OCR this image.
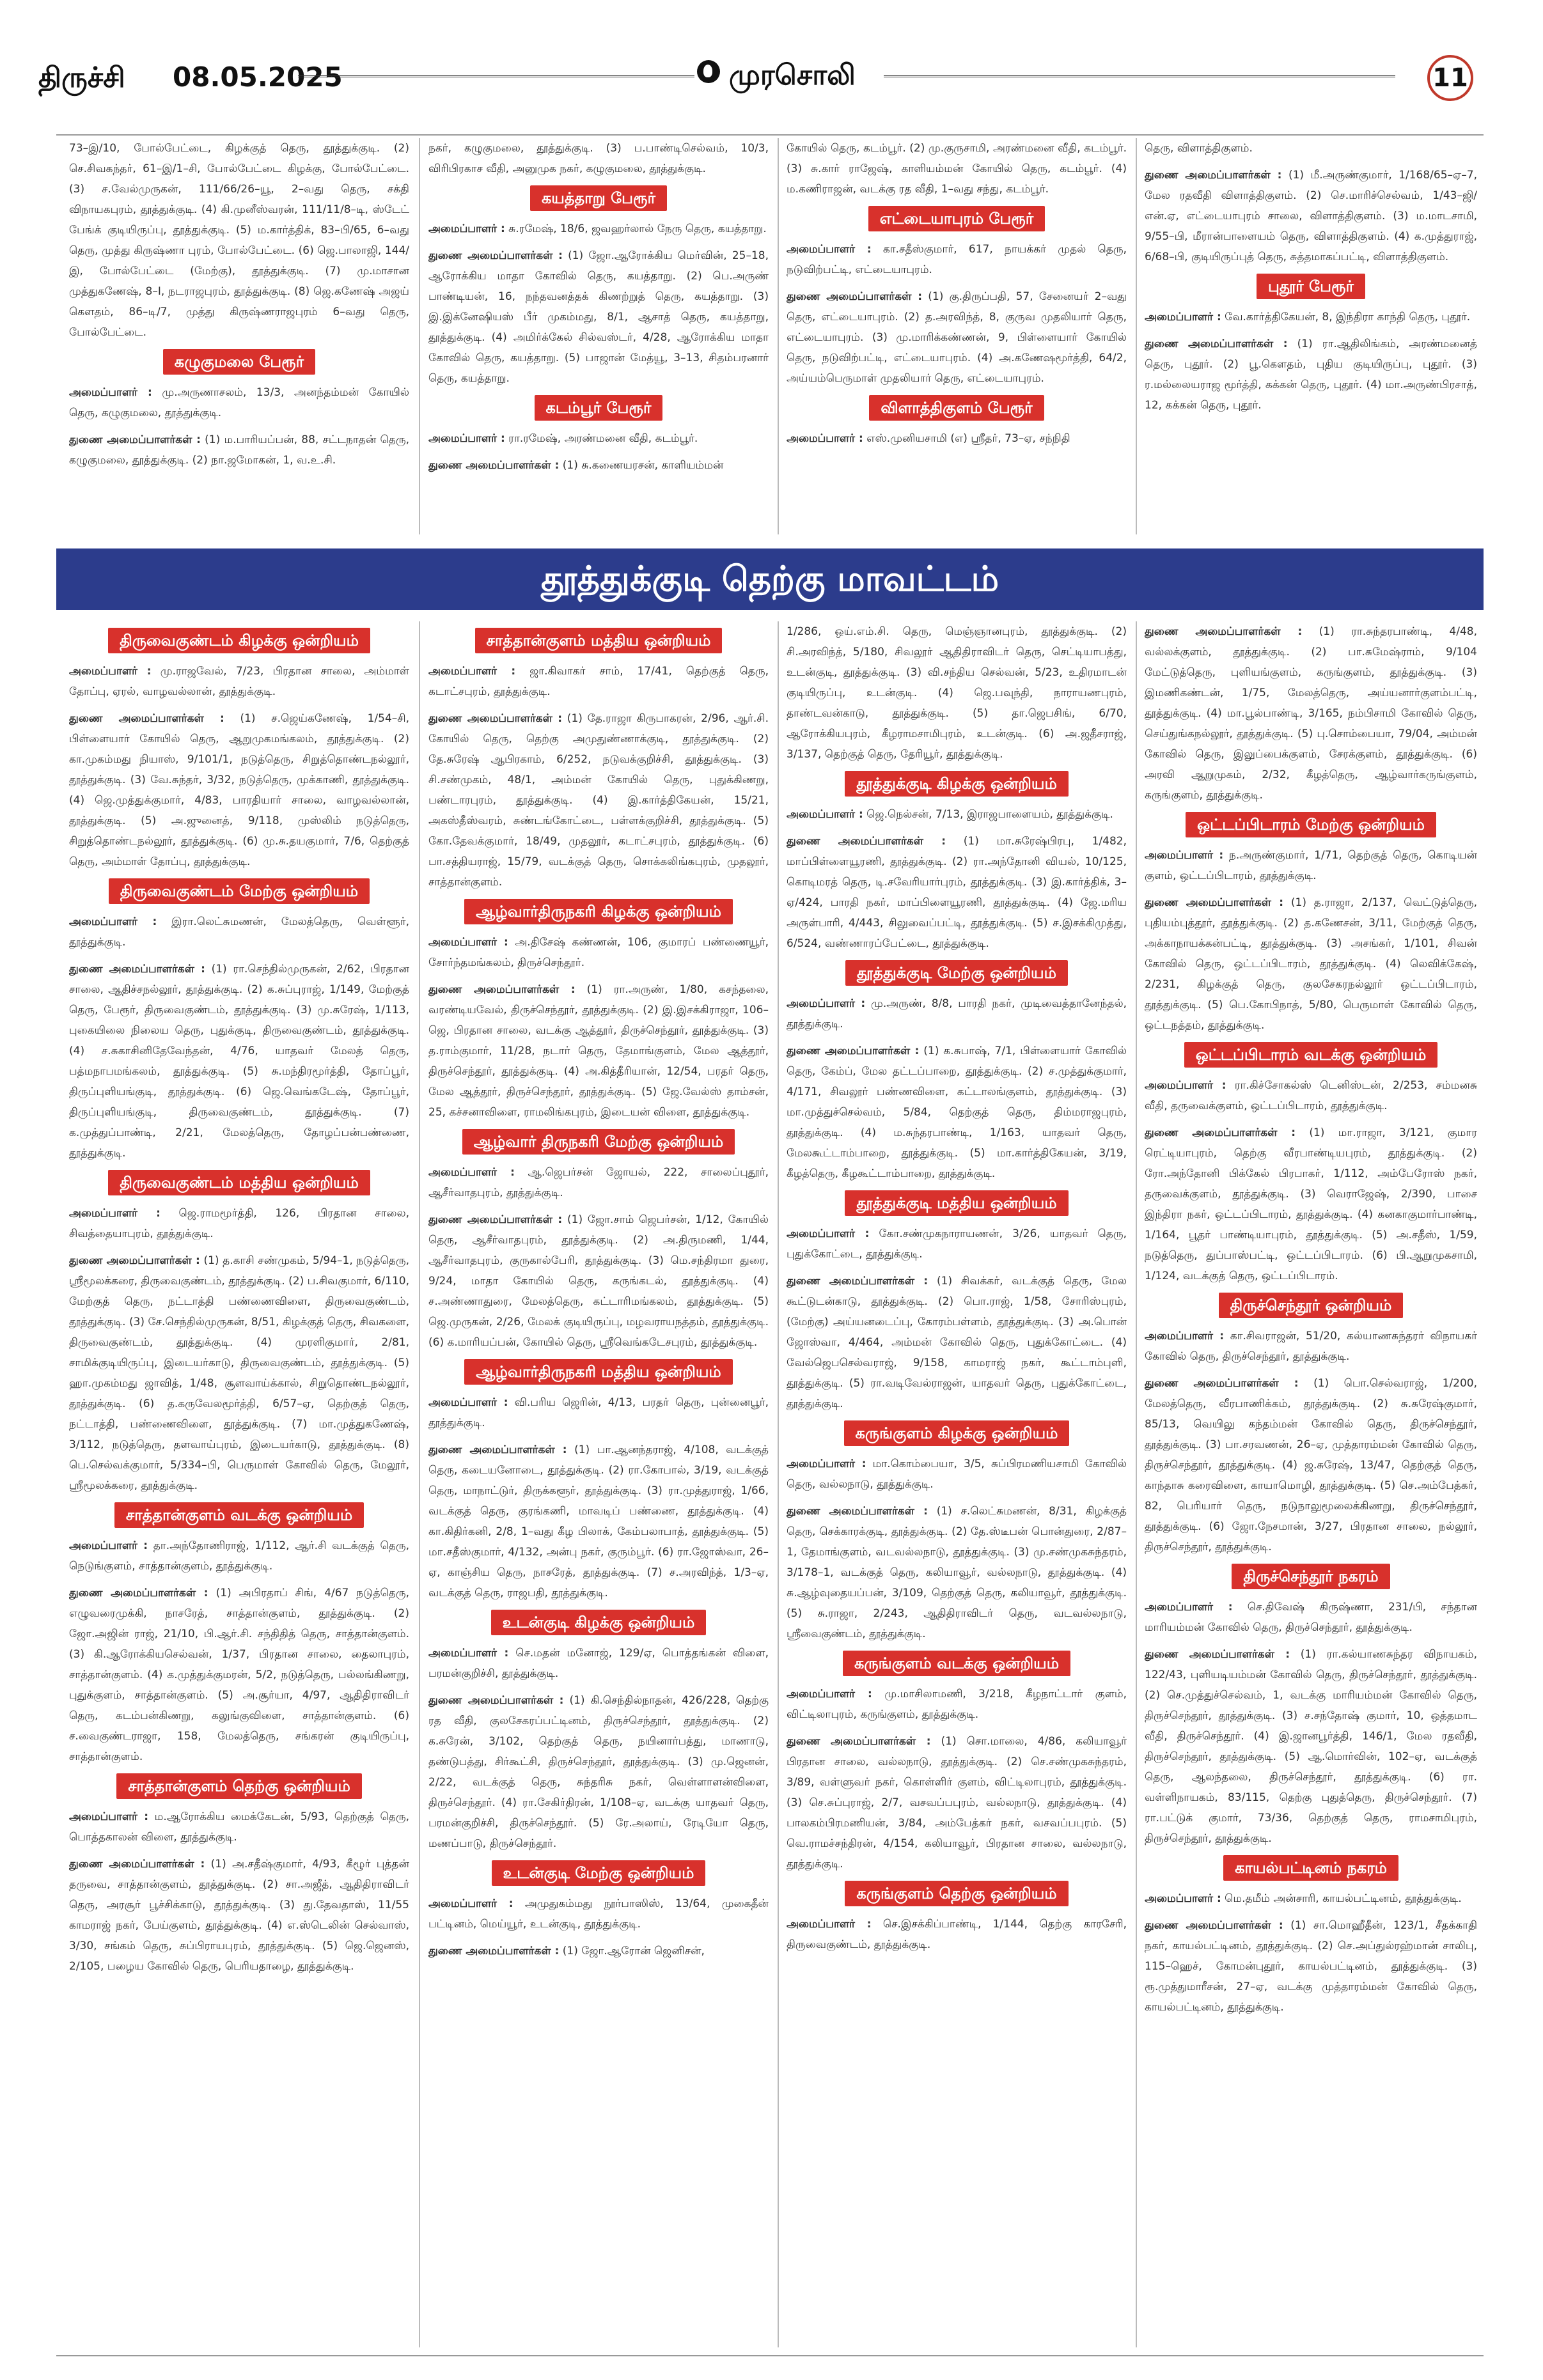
திருச்சி 08.05.2025	முரசொலி	11

73–இ/10, போல்பேட்டை, கிழக்குத் தெரு, தூத்துக்குடி. (2) செ.சிவகந்தர், 61–இ/1–சி, போல்பேட்டை கிழக்கு, போல்பேட்டை. (3) ச.வேல்முருகன், 111/66/26–யூ, 2–வது தெரு, சக்தி விநாயகபுரம், தூத்துக்குடி. (4) கி.முனீஸ்வரன், 111/11/8–டி, ஸ்டேட் பேங்க் குடியிருப்பு, தூத்துக்குடி. (5) ம.கார்த்திக், 83–பி/65, 6–வது தெரு, முத்து கிருஷ்ணா புரம், போல்பேட்டை. (6) ஜெ.பாலாஜி, 144/இ, போல்பேட்டை (மேற்கு), தூத்துக்குடி. (7) மு.மாசான முத்துகணேஷ், 8–I, நடராஜபுரம், தூத்துக்குடி. (8) ஜெ.கணேஷ் அஜய் கௌதம், 86–டி/7, முத்து கிருஷ்ணராஜபுரம் 6–வது தெரு, போல்பேட்டை.

கழுகுமலை பேரூர்

அமைப்பாளர் : மு.அருணாசலம், 13/3, அனந்தம்மன் கோயில் தெரு, கழுகுமலை, தூத்துக்குடி.

துணை அமைப்பாளர்கள் : (1) ம.பாரியப்பன், 88, சட்டநாதன் தெரு, கழுகுமலை, தூத்துக்குடி. (2) நா.ஜமோகன், 1, வ.உ.சி.

நகர், கழுகுமலை, தூத்துக்குடி. (3) ப.பாண்டிசெல்வம், 10/3, விரிபிரகாச வீதி, அனுமுக நகர், கழுகுமலை, தூத்துக்குடி.

கயத்தாறு பேரூர்

அமைப்பாளர் : சு.ரமேஷ், 18/6, ஜவஹர்லால் நேரு தெரு, கயத்தாறு.

துணை அமைப்பாளர்கள் : (1) ஜோ.ஆரோக்கிய மெர்வின், 25–18, ஆரோக்கிய மாதா கோவில் தெரு, கயத்தாறு. (2) பெ.அருண் பாண்டியன், 16, நந்தவனத்தக் கிணற்றுத் தெரு, கயத்தாறு. (3) இ.இக்னேஷியஸ் பீர் முகம்மது, 8/1, ஆசாத் தெரு, கயத்தாறு, தூத்துக்குடி. (4) அமிர்க்கேல் சில்வஸ்டர், 4/28, ஆரோக்கிய மாதா கோவில் தெரு, கயத்தாறு. (5) பாஜான் மேத்யூ, 3–13, சிதம்பரனார் தெரு, கயத்தாறு.

கடம்பூர் பேரூர்

அமைப்பாளர் : ரா.ரமேஷ், அரண்மனை வீதி, கடம்பூர்.

துணை அமைப்பாளர்கள் : (1) சு.கணையரசன், காளியம்மன்

கோயில் தெரு, கடம்பூர். (2) மு.குருசாமி, அரண்மனை வீதி, கடம்பூர். (3) சு.கார் ராஜேஷ், காளியம்மன் கோயில் தெரு, கடம்பூர். (4) ம.கணிராஜன், வடக்கு ரத வீதி, 1–வது சந்து, கடம்பூர்.

எட்டையாபுரம் பேரூர்

அமைப்பாளர் : கா.சதீஸ்குமார், 617, நாயக்கர் முதல் தெரு, நடுவிற்பட்டி, எட்டையாபுரம்.

துணை அமைப்பாளர்கள் : (1) கு.திருப்பதி, 57, சேனையர் 2–வது தெரு, எட்டையாபுரம். (2) த.அரவிந்த், 8, குருவ முதலியார் தெரு, எட்டையாபுரம். (3) மு.மாரிக்கண்ணன், 9, பிள்ளையார் கோயில் தெரு, நடுவிற்பட்டி, எட்டையாபுரம். (4) அ.கணேஷமூர்த்தி, 64/2, அய்யம்பெருமாள் முதலியார் தெரு, எட்டையாபுரம்.

விளாத்திகுளம் பேரூர்

அமைப்பாளர் : எஸ்.முனியசாமி (எ) ஸ்ரீதர், 73–ஏ, சந்நிதி

தெரு, விளாத்திகுளம்.

துணை அமைப்பாளர்கள் : (1) மீ.அருண்குமார், 1/168/65–ஏ–7, மேல ரதவீதி விளாத்திகுளம். (2) செ.மாரிச்செல்வம், 1/43–ஜி/என்.ஏ, எட்டையாபுரம் சாலை, விளாத்திகுளம். (3) ம.மாடசாமி, 9/55–பி, மீரான்பாளையம் தெரு, விளாத்திகுளம். (4) க.முத்துராஜ், 6/68–பி, குடியிருப்புத் தெரு, சுத்தமாகப்பட்டி, விளாத்திகுளம்.

புதூர் பேரூர்

அமைப்பாளர் : வே.கார்த்திகேயன், 8, இந்திரா காந்தி தெரு, புதூர்.

துணை அமைப்பாளர்கள் : (1) ரா.ஆதிலிங்கம், அரண்மனைத் தெரு, புதூர். (2) பூ.கௌதம், புதிய குடியிருப்பு, புதூர். (3) ர.மல்லையராஜ மூர்த்தி, கக்கன் தெரு, புதூர். (4) மா.அருண்பிரசாத், 12, கக்கன் தெரு, புதூர்.

தூத்துக்குடி தெற்கு மாவட்டம்
திருவைகுண்டம் கிழக்கு ஒன்றியம்

அமைப்பாளர் : மு.ராஜவேல், 7/23, பிரதான சாலை, அம்மாள் தோப்பு, ஏரல், வாழவல்லான், தூத்துக்குடி.

துணை அமைப்பாளர்கள் : (1) ச.ஜெய்கணேஷ், 1/54–சி, பிள்ளையார் கோயில் தெரு, ஆறுமுகமங்கலம், தூத்துக்குடி. (2) கா.முகம்மது நியாஸ், 9/101/1, நடுத்தெரு, சிறுத்தொண்டநல்லூர், தூத்துக்குடி. (3) வே.சுந்தர், 3/32, நடுத்தெரு, முக்காணி, தூத்துக்குடி. (4) ஜெ.முத்துக்குமார், 4/83, பாரதியார் சாலை, வாழவல்லான், தூத்துக்குடி. (5) அ.ஜுனைத், 9/118, முஸ்லிம் நடுத்தெரு, சிறுத்தொண்டநல்லூர், தூத்துக்குடி. (6) மு.சு.தயகுமார், 7/6, தெற்குத் தெரு, அம்மாள் தோப்பு, தூத்துக்குடி.

திருவைகுண்டம் மேற்கு ஒன்றியம்

அமைப்பாளர் : இரா.லெட்சுமணன், மேலத்தெரு, வெள்ளூர், தூத்துக்குடி.

துணை அமைப்பாளர்கள் : (1) ரா.செந்தில்முருகன், 2/62, பிரதான சாலை, ஆதிச்சநல்லூர், தூத்துக்குடி. (2) க.சுப்புராஜ், 1/149, மேற்குத் தெரு, பேரூர், திருவைகுண்டம், தூத்துக்குடி. (3) மு.சுரேஷ், 1/113, புகையிலை நிலைய தெரு, புதுக்குடி, திருவைகுண்டம், தூத்துக்குடி. (4) ச.சுகாசினிதேவேந்தன், 4/76, யாதவர் மேலத் தெரு, பத்மநாபமங்கலம், தூத்துக்குடி. (5) சு.மந்திரமூர்த்தி, தோப்பூர், திருப்புளியங்குடி, தூத்துக்குடி. (6) ஜெ.வெங்கடேஷ், தோப்பூர், திருப்புளியங்குடி, திருவைகுண்டம், தூத்துக்குடி. (7) க.முத்துப்பாண்டி, 2/21, மேலத்தெரு, தோழப்பன்பண்ணை, தூத்துக்குடி.

திருவைகுண்டம் மத்திய ஒன்றியம்

அமைப்பாளர் : ஜெ.ராமமூர்த்தி, 126, பிரதான சாலை, சிவத்தையாபுரம், தூத்துக்குடி.

துணை அமைப்பாளர்கள் : (1) த.காசி சண்முகம், 5/94–1, நடுத்தெரு, ஸ்ரீமூலக்கரை, திருவைகுண்டம், தூத்துக்குடி. (2) ப.சிவகுமார், 6/110, மேற்குத் தெரு, நட்டாத்தி பண்ணைவிளை, திருவைகுண்டம், தூத்துக்குடி. (3) சே.செந்தில்முருகன், 8/51, கிழக்குத் தெரு, சிவகளை, திருவைகுண்டம், தூத்துக்குடி. (4) முரளிகுமார், 2/81, சாமிக்குடியிருப்பு, இடையர்காடு, திருவைகுண்டம், தூத்துக்குடி. (5) ஹா.முகம்மது ஜாவித், 1/48, சூளவாய்க்கால், சிறுதொண்டநல்லூர், தூத்துக்குடி. (6) த.கருவேலமூர்த்தி, 6/57–ஏ, தெற்குத் தெரு, நட்டாத்தி, பண்ணைவிளை, தூத்துக்குடி. (7) மா.முத்துகணேஷ், 3/112, நடுத்தெரு, தளவாய்புரம், இடையர்காடு, தூத்துக்குடி. (8) பெ.செல்வக்குமார், 5/334–பி, பெருமாள் கோவில் தெரு, மேலூர், ஸ்ரீமூலக்கரை, தூத்துக்குடி.

சாத்தான்குளம் வடக்கு ஒன்றியம்

அமைப்பாளர் : தா.அந்தோணிராஜ், 1/112, ஆர்.சி வடக்குத் தெரு, நெடுங்குளம், சாத்தான்குளம், தூத்துக்குடி.

துணை அமைப்பாளர்கள் : (1) அபிரதாப் சிங், 4/67 நடுத்தெரு, எழுவரைமுக்கி, நாசரேத், சாத்தான்குளம், தூத்துக்குடி. (2) ஜோ.அஜின் ராஜ், 21/10, பி.ஆர்.சி. சந்திதித் தெரு, சாத்தான்குளம். (3) கி.ஆரோக்கியசெல்வன், 1/37, பிரதான சாலை, தைலாபுரம், சாத்தான்குளம். (4) க.முத்துக்குமரன், 5/2, நடுத்தெரு, பல்லங்கிணறு, புதுக்குளம், சாத்தான்குளம். (5) அ.சூர்யா, 4/97, ஆதிதிராவிடர் தெரு, கடம்பன்கிணறு, கலுங்குவிளை, சாத்தான்குளம். (6) ச.வைகுண்டராஜா, 158, மேலத்தெரு, சங்கரன் குடியிருப்பு, சாத்தான்குளம்.

சாத்தான்குளம் தெற்கு ஒன்றியம்

அமைப்பாளர் : ம.ஆரோக்கிய மைக்கேடன், 5/93, தெற்குத் தெரு, பொத்தகாலன் விளை, தூத்துக்குடி.

துணை அமைப்பாளர்கள் : (1) அ.சதீஷ்குமார், 4/93, கீழூர் புத்தன் தருவை, சாத்தான்குளம், தூத்துக்குடி. (2) சா.அஜீத், ஆதிதிராவிடர் தெரு, அரசூர் பூச்சிக்காடு, தூத்துக்குடி. (3) து.தேவதாஸ், 11/55 காமராஜ் நகர், பேய்குளம், தூத்துக்குடி. (4) எ.ஸ்டெலின் செல்வாஸ், 3/30, சங்கம் தெரு, சுப்பிராயபுரம், தூத்துக்குடி. (5) ஜெ.ஜெனஸ், 2/105, பழைய கோவில் தெரு, பெரியதாழை, தூத்துக்குடி.

சாத்தான்குளம் மத்திய ஒன்றியம்

அமைப்பாளர் : ஜா.கிவாகர் சாம், 17/41, தெற்குத் தெரு, கடாட்சபுரம், தூத்துக்குடி.

துணை அமைப்பாளர்கள் : (1) தே.ராஜா கிருபாகரன், 2/96, ஆர்.சி. கோயில் தெரு, தெற்கு அமுதுண்ணாக்குடி, தூத்துக்குடி. (2) தே.சுரேஷ் ஆபிரகாம், 6/252, நடுவக்குறிச்சி, தூத்துக்குடி. (3) சி.சண்முகம், 48/1, அம்மன் கோயில் தெரு, புதுக்கிணறு, பண்டாரபுரம், தூத்துக்குடி. (4) இ.கார்த்திகேயன், 15/21, அகஸ்தீஸ்வரம், சுண்டங்கோட்டை, பள்ளக்குறிச்சி, தூத்துக்குடி. (5) கோ.தேவக்குமார், 18/49, முதலூர், கடாட்சபுரம், தூத்துக்குடி. (6) பா.சத்தியராஜ், 15/79, வடக்குத் தெரு, சொக்கலிங்கபுரம், முதலூர், சாத்தான்குளம்.

ஆழ்வார்திருநகரி கிழக்கு ஒன்றியம்

அமைப்பாளர் : அ.திசேஷ் கண்ணன், 106, குமாரப் பண்ணையூர், சோர்ந்தமங்கலம், திருச்செந்தூர்.

துணை அமைப்பாளர்கள் : (1) ரா.அருண், 1/80, கசந்தலை, வரண்டியவேல், திருச்செந்தூர், தூத்துக்குடி. (2) இ.இசக்கிராஜா, 106–ஜெ, பிரதான சாலை, வடக்கு ஆத்தூர், திருச்செந்தூர், தூத்துக்குடி. (3) த.ராம்குமார், 11/28, நடார் தெரு, தேமாங்குளம், மேல ஆத்தூர், திருச்செந்தூர், தூத்துக்குடி. (4) அ.கித்தீரியான், 12/54, பரதர் தெரு, மேல ஆத்தூர், திருச்செந்தூர், தூத்துக்குடி. (5) ஜே.வேல்ஸ் தாம்சன், 25, கச்சனாவிளை, ராமலிங்கபுரம், இடையன் விளை, தூத்துக்குடி.

ஆழ்வார் திருநகரி மேற்கு ஒன்றியம்

அமைப்பாளர் : ஆ.ஜெபர்சன் ஜோயல், 222, சாலைப்புதூர், ஆசீர்வாதபுரம், தூத்துக்குடி.

துணை அமைப்பாளர்கள் : (1) ஜோ.சாம் ஜெபர்சன், 1/12, கோயில் தெரு, ஆசீர்வாதபுரம், தூத்துக்குடி. (2) அ.திருமணி, 1/44, ஆசீர்வாதபுரம், குருகால்பேரி, தூத்துக்குடி. (3) மெ.சந்திரமா துரை, 9/24, மாதா கோயில் தெரு, கருங்கடல், தூத்துக்குடி. (4) ச.அண்ணாதுரை, மேலத்தெரு, கட்டாரிமங்கலம், தூத்துக்குடி. (5) ஜெ.முருகன், 2/26, மேலக் குடியிருப்பு, மழவராயநத்தம், தூத்துக்குடி. (6) க.மாரியப்பன், கோயில் தெரு, ஸ்ரீவெங்கடேசபுரம், தூத்துக்குடி.

ஆழ்வார்திருநகரி மத்திய ஒன்றியம்

அமைப்பாளர் : வி.பரிய ஜெரின், 4/13, பரதர் தெரு, புன்னைபூர், தூத்துக்குடி.

துணை அமைப்பாளர்கள் : (1) பா.ஆனந்தராஜ், 4/108, வடக்குத் தெரு, கடையனோடை, தூத்துக்குடி. (2) ரா.கோபால், 3/19, வடக்குத் தெரு, மாநாட்டுர், திருக்களூர், தூத்துக்குடி. (3) ரா.முத்துராஜ், 1/66, வடக்குத் தெரு, குரங்கணி, மாவடிப் பண்ணை, தூத்துக்குடி. (4) கா.கிதிர்கனி, 2/8, 1–வது கீழ பிலாக், கேம்பலாபாத், தூத்துக்குடி. (5) மா.சதீஸ்குமார், 4/132, அன்பு நகர், குரும்பூர். (6) ரா.ஜோஸ்வா, 26–ஏ, காஞ்சிய தெரு, நாசரேத், தூத்துக்குடி. (7) ச.அரவிந்த், 1/3–ஏ, வடக்குத் தெரு, ராஜபதி, தூத்துக்குடி.

உடன்குடி கிழக்கு ஒன்றியம்

அமைப்பாளர் : செ.மதன் மனோஜ், 129/ஏ, பொத்தங்கன் விளை, பரமன்குறிச்சி, தூத்துக்குடி.

துணை அமைப்பாளர்கள் : (1) கி.செந்தில்நாதன், 426/228, தெற்கு ரத வீதி, குலசேகரப்பட்டினம், திருச்செந்தூர், தூத்துக்குடி. (2) க.சுரேன், 3/102, தெற்குத் தெரு, நயினார்பத்து, மாணாடு, தண்டுபத்து, சிர்கூட்சி, திருச்செந்தூர், தூத்துக்குடி. (3) மு.ஜெனன், 2/22, வடக்குத் தெரு, சுந்தரிசு நகர், வெள்ளாளன்விளை, திருச்செந்தூர். (4) ரா.சேகிர்திரன், 1/108–ஏ, வடக்கு யாதவர் தெரு, பரமன்குறிச்சி, திருச்செந்தூர். (5) ரே.அலாய், ரேடியோ தெரு, மணப்பாடு, திருச்செந்தூர்.

உடன்குடி மேற்கு ஒன்றியம்

அமைப்பாளர் : அமுதுகம்மது நூர்பாஸிஸ், 13/64, முகைதீன் பட்டினம், மெய்யூர், உடன்குடி, தூத்துக்குடி.

துணை அமைப்பாளர்கள் : (1) ஜோ.ஆரோன் ஜெனிசன்,

1/286, ஒய்.எம்.சி. தெரு, மெஞ்ஞானபுரம், தூத்துக்குடி. (2) சி.அரவிந்த், 5/180, சிவலூர் ஆதிதிராவிடர் தெரு, செட்டியாபத்து, உடன்குடி, தூத்துக்குடி. (3) வி.சந்திய செல்வன், 5/23, உதிரமாடன் குடியிருப்பு, உடன்குடி. (4) ஜெ.பவுந்தி, நாராயணபுரம், தாண்டவன்காடு, தூத்துக்குடி. (5) தா.ஜெபசிங், 6/70, ஆரோக்கியபுரம், கீழராமசாமிபுரம், உடன்குடி. (6) அ.ஜதீசராஜ், 3/137, தெற்குத் தெரு, தேரியூர், தூத்துக்குடி.

தூத்துக்குடி கிழக்கு ஒன்றியம்

அமைப்பாளர் : ஜெ.நெல்சன், 7/13, இராஜபாளையம், தூத்துக்குடி.

துணை அமைப்பாளர்கள் : (1) மா.சுரேஷ்பிரபு, 1/482, மாப்பிள்ளையூரணி, தூத்துக்குடி. (2) ரா.அந்தோனி வியல், 10/125, கொடிமரத் தெரு, டி.சவேரியார்புரம், தூத்துக்குடி. (3) இ.கார்த்திக், 3–ஏ/424, பாரதி நகர், மாப்பிளையூரணி, தூத்துக்குடி. (4) ஜே.மரிய அருள்பாரி, 4/443, சிலுவைப்பட்டி, தூத்துக்குடி. (5) ச.இசக்கிமுத்து, 6/524, வண்ணாரப்பேட்டை, தூத்துக்குடி.

தூத்துக்குடி மேற்கு ஒன்றியம்

அமைப்பாளர் : மு.அருண், 8/8, பாரதி நகர், முடிவைத்தானேந்தல், தூத்துக்குடி.

துணை அமைப்பாளர்கள் : (1) க.சுபாஷ், 7/1, பிள்ளையார் கோவில் தெரு, கேம்ப், மேல தட்டப்பாறை, தூத்துக்குடி. (2) ச.முத்துக்குமார், 4/171, சிவலூர் பண்ணவிளை, கட்டாலங்குளம், தூத்துக்குடி. (3) மா.முத்துச்செல்வம், 5/84, தெற்குத் தெரு, திம்மராஜபுரம், தூத்துக்குடி. (4) ம.சுந்தரபாண்டி, 1/163, யாதவர் தெரு, மேலகூட்டாம்பாறை, தூத்துக்குடி. (5) மா.கார்த்திகேயன், 3/19, கீழத்தெரு, கீழகூட்டாம்பாறை, தூத்துக்குடி.

தூத்துக்குடி மத்திய ஒன்றியம்

அமைப்பாளர் : கோ.சண்முகநாராயணன், 3/26, யாதவர் தெரு, புதுக்கோட்டை, தூத்துக்குடி.

துணை அமைப்பாளர்கள் : (1) சிவக்கர், வடக்குத் தெரு, மேல கூட்டுடன்காடு, தூத்துக்குடி. (2) பொ.ராஜ், 1/58, சோரிஸ்புரம், (மேற்கு) அய்யனடைப்பு, கோரம்பள்ளம், தூத்துக்குடி. (3) அ.பொன் ஜோஸ்வா, 4/464, அம்மன் கோவில் தெரு, புதுக்கோட்டை. (4) வேல்ஜெபசெல்வராஜ், 9/158, காமராஜ் நகர், கூட்டாம்புளி, தூத்துக்குடி. (5) ரா.வடிவேல்ராஜன், யாதவர் தெரு, புதுக்கோட்டை, தூத்துக்குடி.

கருங்குளம் கிழக்கு ஒன்றியம்

அமைப்பாளர் : மா.கொம்பையா, 3/5, சுப்பிரமணியசாமி கோவில் தெரு, வல்லநாடு, தூத்துக்குடி.

துணை அமைப்பாளர்கள் : (1) ச.லெட்சுமணன், 8/31, கிழக்குத் தெரு, செக்காரக்குடி, தூத்துக்குடி. (2) தே.ஸ்டீபன் பொன்துரை, 2/87–1, தேமாங்குளம், வடவல்லநாடு, தூத்துக்குடி. (3) மு.சண்முகசுந்தரம், 3/178–1, வடக்குத் தெரு, கலியாவூர், வல்லநாடு, தூத்துக்குடி. (4) சு.ஆழ்வுதையப்பன், 3/109, தெற்குத் தெரு, கலியாவூர், தூத்துக்குடி. (5) சு.ராஜா, 2/243, ஆதிதிராவிடர் தெரு, வடவல்லநாடு, ஸ்ரீவைகுண்டம், தூத்துக்குடி.

கருங்குளம் வடக்கு ஒன்றியம்

அமைப்பாளர் : மு.மாசிலாமணி, 3/218, கீழநாட்டார் குளம், விட்டிலாபுரம், கருங்குளம், தூத்துக்குடி.

துணை அமைப்பாளர்கள் : (1) சொ.மாலை, 4/86, கலியாவூர் பிரதான சாலை, வல்லநாடு, தூத்துக்குடி. (2) செ.சண்முகசுந்தரம், 3/89, வள்ளுவர் நகர், கொள்ளிர் குளம், விட்டிலாபுரம், தூத்துக்குடி. (3) செ.சுப்புராஜ், 2/7, வசவப்பபுரம், வல்லநாடு, தூத்துக்குடி. (4) பாலகம்பிரமணியன், 3/84, அம்பேத்கர் நகர், வசவப்பபுரம். (5) வெ.ராமச்சந்திரன், 4/154, கலியாவூர், பிரதான சாலை, வல்லநாடு, தூத்துக்குடி.

கருங்குளம் தெற்கு ஒன்றியம்

அமைப்பாளர் : செ.இசக்கிப்பாண்டி, 1/144, தெற்கு காரசேரி, திருவைகுண்டம், தூத்துக்குடி.

துணை அமைப்பாளர்கள் : (1) ரா.சுந்தரபாண்டி, 4/48, வல்லக்குளம், தூத்துக்குடி. (2) பா.சுமேஷ்ராம், 9/104 மேட்டுத்தெரு, புளியங்குளம், கருங்குளம், தூத்துக்குடி. (3) இமணிகண்டன், 1/75, மேலத்தெரு, அய்யனார்குளம்பட்டி, தூத்துக்குடி. (4) மா.பூல்பாண்டி, 3/165, நம்பிசாமி கோவில் தெரு, செய்துங்கநல்லூர், தூத்துக்குடி. (5) பு.சொம்பையா, 79/04, அம்மன் கோவில் தெரு, இலுப்பைக்குளம், சேரக்குளம், தூத்துக்குடி. (6) அரவி ஆறுமுகம், 2/32, கீழத்தெரு, ஆழ்வார்கருங்குளம், கருங்குளம், தூத்துக்குடி.

ஒட்டப்பிடாரம் மேற்கு ஒன்றியம்

அமைப்பாளர் : ந.அருண்குமார், 1/71, தெற்குத் தெரு, கொடியன் குளம், ஒட்டப்பிடாரம், தூத்துக்குடி.

துணை அமைப்பாளர்கள் : (1) த.ராஜா, 2/137, வெட்டுத்தெரு, புதியம்புத்தூர், தூத்துக்குடி. (2) த.கணேசன், 3/11, மேற்குத் தெரு, அக்காநாயக்கன்பட்டி, தூத்துக்குடி. (3) அசங்கர், 1/101, சிவன் கோவில் தெரு, ஒட்டப்பிடாரம், தூத்துக்குடி. (4) லெவிக்கேஷ், 2/231, கிழக்குத் தெரு, குலசேகரநல்லூர் ஒட்டப்பிடாரம், தூத்துக்குடி. (5) பெ.கோபிநாத், 5/80, பெருமாள் கோவில் தெரு, ஒட்டநத்தம், தூத்துக்குடி.

ஒட்டப்பிடாரம் வடக்கு ஒன்றியம்

அமைப்பாளர் : ரா.கிச்சோகல்ஸ் டெனிஸ்டன், 2/253, சம்மனசு வீதி, தருவைக்குளம், ஒட்டப்பிடாரம், தூத்துக்குடி.

துணை அமைப்பாளர்கள் : (1) மா.ராஜா, 3/121, குமார ரெட்டியாபுரம், தெற்கு வீரபாண்டியபுரம், தூத்துக்குடி. (2) ரோ.அந்தோனி பிக்கேல் பிரபாகர், 1/112, அம்பேரோஸ் நகர், தருவைக்குளம், தூத்துக்குடி. (3) வெராஜேஷ், 2/390, பாசை இந்திரா நகர், ஒட்டப்பிடாரம், தூத்துக்குடி. (4) கனகாகுமார்பாண்டி, 1/164, பூதர் பாண்டியாபுரம், தூத்துக்குடி. (5) அ.சதீஸ், 1/59, நடுத்தெரு, துப்பாஸ்பட்டி, ஒட்டப்பிடாரம். (6) பி.ஆறுமுகசாமி, 1/124, வடக்குத் தெரு, ஒட்டப்பிடாரம்.

திருச்செந்தூர் ஒன்றியம்

அமைப்பாளர் : கா.சிவராஜன், 51/20, கல்யாணசுந்தரர் விநாயகர் கோவில் தெரு, திருச்செந்தூர், தூத்துக்குடி.

துணை அமைப்பாளர்கள் : (1) பொ.செல்வராஜ், 1/200, மேலத்தெரு, வீரபாணிக்கம், தூத்துக்குடி. (2) சு.சுரேஷ்குமார், 85/13, வெயிலு கந்தம்மன் கோவில் தெரு, திருச்செந்தூர், தூத்துக்குடி. (3) பா.சரவணன், 26–ஏ, முத்தாரம்மன் கோவில் தெரு, திருச்செந்தூர், தூத்துக்குடி. (4) ஜ.சுரேஷ், 13/47, தெற்குத் தெரு, காந்தாசு கரைவிளை, காயாமொழி, தூத்துக்குடி. (5) செ.அம்பேத்கர், 82, பெரியார் தெரு, நடுநாலுமூலைக்கிணறு, திருச்செந்தூர், தூத்துக்குடி. (6) ஜோ.நேசமான், 3/27, பிரதான சாலை, நல்லூர், திருச்செந்தூர், தூத்துக்குடி.

திருச்செந்தூர் நகரம்

அமைப்பாளர் : செ.திவேஷ் கிருஷ்ணா, 231/பி, சந்தான மாரியம்மன் கோவில் தெரு, திருச்செந்தூர், தூத்துக்குடி.

துணை அமைப்பாளர்கள் : (1) ரா.கல்யாணசுந்தர விநாயகம், 122/43, புளியடியம்மன் கோவில் தெரு, திருச்செந்தூர், தூத்துக்குடி. (2) செ.முத்துச்செல்வம், 1, வடக்கு மாரியம்மன் கோவில் தெரு, திருச்செந்தூர், தூத்துக்குடி. (3) ச.சந்தோஷ் குமார், 10, ஒத்தமாட வீதி, திருச்செந்தூர். (4) இ.ஜானபூர்த்தி, 146/1, மேல ரதவீதி, திருச்செந்தூர், தூத்துக்குடி. (5) ஆ.மொர்வின், 102–ஏ, வடக்குத் தெரு, ஆலந்தலை, திருச்செந்தூர், தூத்துக்குடி. (6) ரா. வள்ளிநாயகம், 83/115, தெற்கு புதுத்தெரு, திருச்செந்தூர். (7) ரா.பட்டுக் குமார், 73/36, தெற்குத் தெரு, ராமசாமிபுரம், திருச்செந்தூர், தூத்துக்குடி.

காயல்பட்டினம் நகரம்

அமைப்பாளர் : மெ.தமீம் அன்சாரி, காயல்பட்டினம், தூத்துக்குடி.

துணை அமைப்பாளர்கள் : (1) சா.மொஹீதீன், 123/1, சீதக்காதி நகர், காயல்பட்டினம், தூத்துக்குடி. (2) செ.அப்துல்ரஹ்மான் சாலிபு, 115–ஹெச், கோமன்புதூர், காயல்பட்டினம், தூத்துக்குடி. (3) ரூ.முத்துமாரீசன், 27–ஏ, வடக்கு முத்தாரம்மன் கோவில் தெரு, காயல்பட்டினம், தூத்துக்குடி.
